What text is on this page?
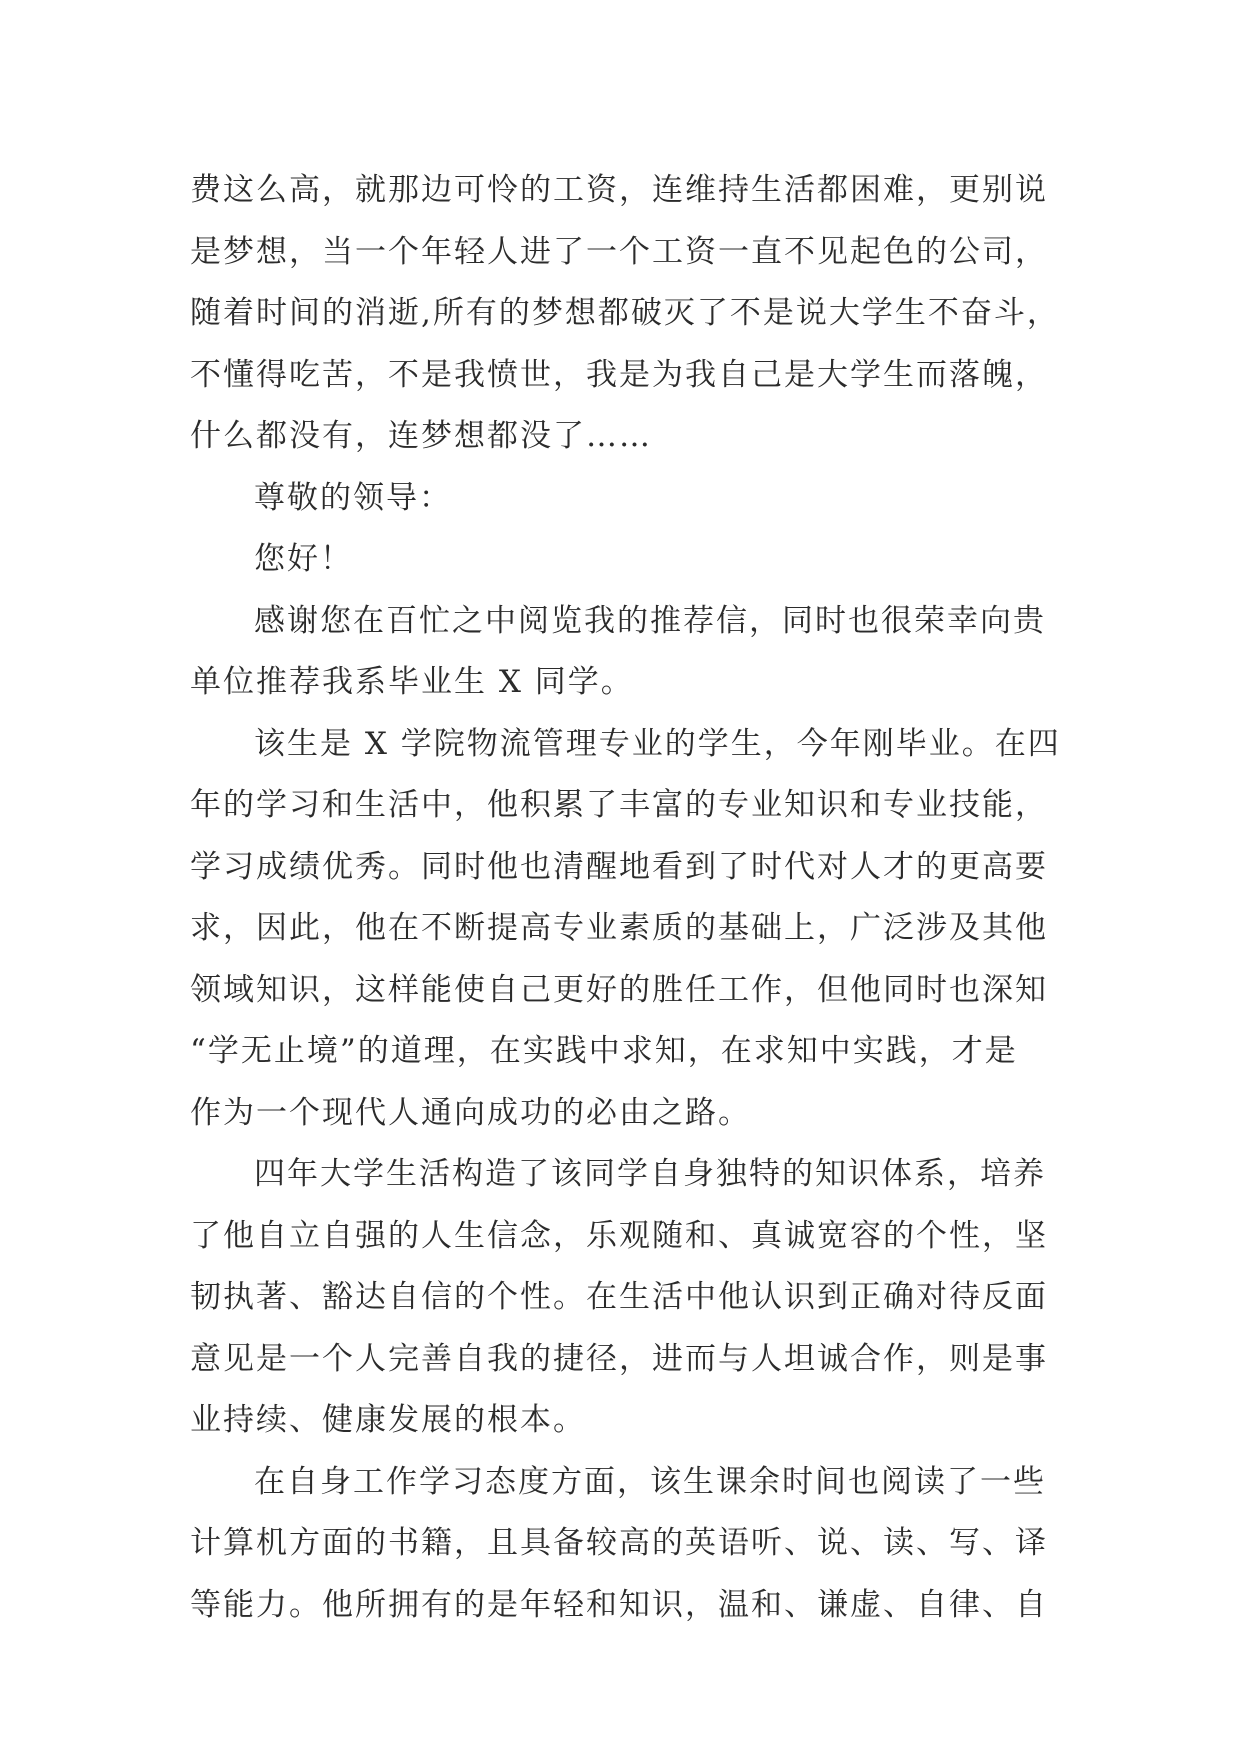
费这么高，就那边可怜的工资，连维持生活都困难，更别说
是梦想，当一个年轻人进了一个工资一直不见起色的公司，
随着时间的消逝,所有的梦想都破灭了不是说大学生不奋斗，
不懂得吃苦，不是我愤世，我是为我自己是大学生而落魄，
什么都没有，连梦想都没了……
尊敬的领导：
您好！
感谢您在百忙之中阅览我的推荐信，同时也很荣幸向贵
单位推荐我系毕业生 X 同学。
该生是 X 学院物流管理专业的学生，今年刚毕业。在四
年的学习和生活中，他积累了丰富的专业知识和专业技能，
学习成绩优秀。同时他也清醒地看到了时代对人才的更高要
求，因此，他在不断提高专业素质的基础上，广泛涉及其他
领域知识，这样能使自己更好的胜任工作，但他同时也深知
“学无止境”的道理，在实践中求知，在求知中实践，才是
作为一个现代人通向成功的必由之路。
四年大学生活构造了该同学自身独特的知识体系，培养
了他自立自强的人生信念，乐观随和、真诚宽容的个性，坚
韧执著、豁达自信的个性。在生活中他认识到正确对待反面
意见是一个人完善自我的捷径，进而与人坦诚合作，则是事
业持续、健康发展的根本。
在自身工作学习态度方面，该生课余时间也阅读了一些
计算机方面的书籍，且具备较高的英语听、说、读、写、译
等能力。他所拥有的是年轻和知识，温和、谦虚、自律、自
